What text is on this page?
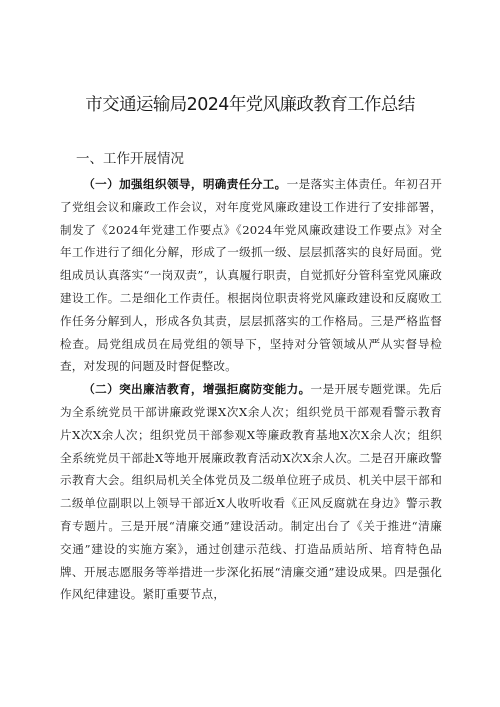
市交通运输局2024年党风廉政教育工作总结
一、工作开展情况

（一）加强组织领导，明确责任分工。一是落实主体责任。年初召开了党组会议和廉政工作会议，对年度党风廉政建设工作进行了安排部署，制发了《2024年党建工作要点》《2024年党风廉政建设工作要点》对全年工作进行了细化分解，形成了一级抓一级、层层抓落实的良好局面。党组成员认真落实“一岗双责”，认真履行职责，自觉抓好分管科室党风廉政建设工作。二是细化工作责任。根据岗位职责将党风廉政建设和反腐败工作任务分解到人，形成各负其责，层层抓落实的工作格局。三是严格监督检查。局党组成员在局党组的领导下，坚持对分管领域从严从实督导检查，对发现的问题及时督促整改。

（二）突出廉洁教育，增强拒腐防变能力。一是开展专题党课。先后为全系统党员干部讲廉政党课X次X余人次；组织党员干部观看警示教育片X次X余人次；组织党员干部参观X等廉政教育基地X次X余人次；组织全系统党员干部赴X等地开展廉政教育活动X次X余人次。二是召开廉政警示教育大会。组织局机关全体党员及二级单位班子成员、机关中层干部和二级单位副职以上领导干部近X人收听收看《正风反腐就在身边》警示教育专题片。三是开展“清廉交通”建设活动。制定出台了《关于推进“清廉交通”建设的实施方案》，通过创建示范线、打造品质站所、培育特色品牌、开展志愿服务等举措进一步深化拓展“清廉交通”建设成果。四是强化作风纪律建设。紧盯重要节点，
